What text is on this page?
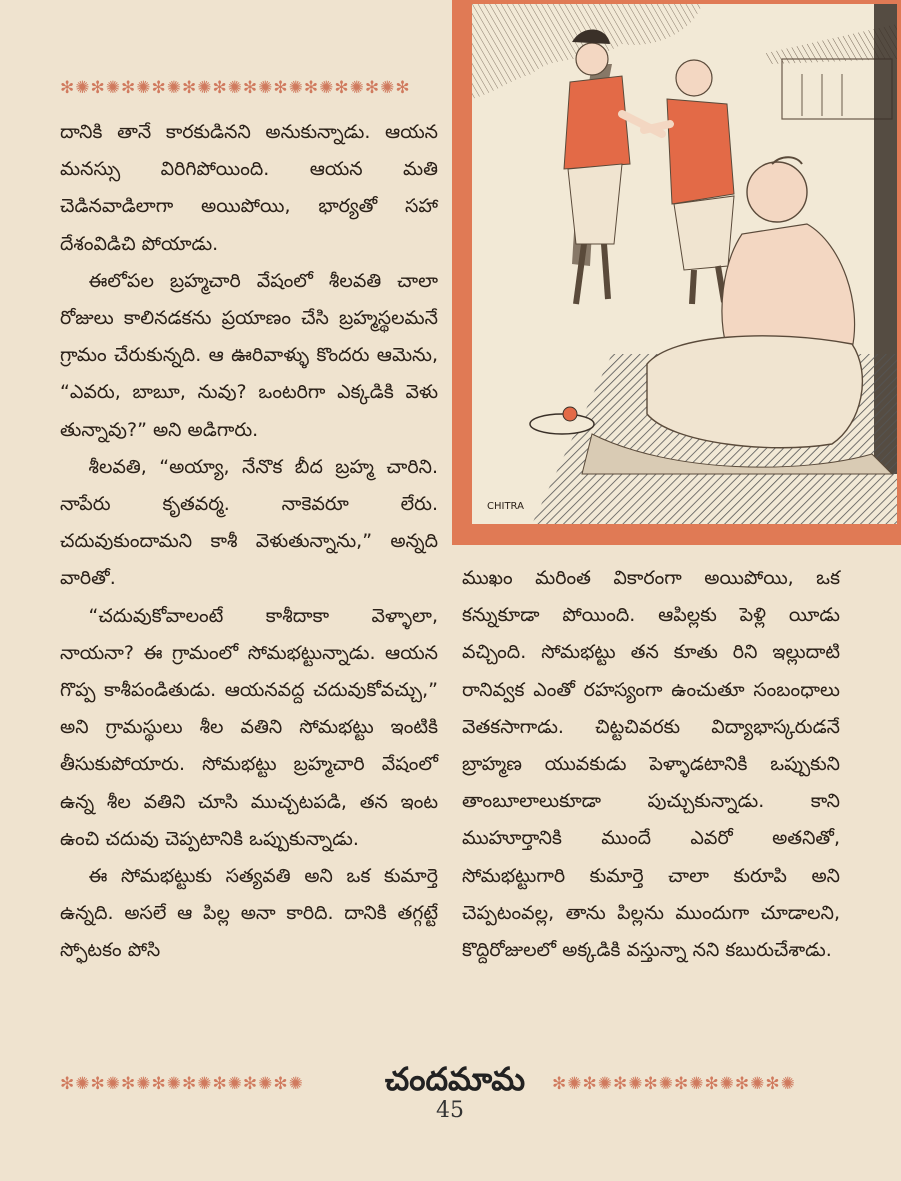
✻✺✻✺✻✺✻✺✻✺✻✺✻✺✻✺✻✺✻✺✻✺✻

దానికి తానే కారకుడినని అనుకున్నాడు. ఆయన మనస్సు విరిగిపోయింది. ఆయన మతి చెడినవాడిలాగా అయిపోయి, భార్యతో సహా దేశంవిడిచి పోయాడు.

ఈలోపల బ్రహ్మచారి వేషంలో శీలవతి చాలా రోజులు కాలినడకను ప్రయాణం చేసి బ్రహ్మస్థలమనే గ్రామం చేరుకున్నది. ఆ ఊరివాళ్ళు కొందరు ఆమెను, “ఎవరు, బాబూ, నువు? ఒంటరిగా ఎక్కడికి వెళు తున్నావు?” అని అడిగారు.

శీలవతి, “అయ్యా, నేనొక బీద బ్రహ్మ చారిని. నాపేరు కృతవర్మ. నాకెవరూ లేరు. చదువుకుందామని కాశీ వెళుతున్నాను,” అన్నది వారితో.

“చదువుకోవాలంటే కాశీదాకా వెళ్ళాలా, నాయనా? ఈ గ్రామంలో సోమభట్టున్నాడు. ఆయన గొప్ప కాశీపండితుడు. ఆయనవద్ద చదువుకోవచ్చు,” అని గ్రామస్థులు శీల వతిని సోమభట్టు ఇంటికి తీసుకుపోయారు. సోమభట్టు బ్రహ్మచారి వేషంలో ఉన్న శీల వతిని చూసి ముచ్చటపడి, తన ఇంట ఉంచి చదువు చెప్పటానికి ఒప్పుకున్నాడు.

ఈ సోమభట్టుకు సత్యవతి అని ఒక కుమార్తె ఉన్నది. అసలే ఆ పిల్ల అనా కారిది. దానికి తగ్గట్టే స్ఫోటకం పోసి

CHITRA

ముఖం మరింత వికారంగా అయిపోయి, ఒక కన్నుకూడా పోయింది. ఆపిల్లకు పెళ్లి యీడు వచ్చింది. సోమభట్టు తన కూతు రిని ఇల్లుదాటి రానివ్వక ఎంతో రహస్యంగా ఉంచుతూ సంబంధాలు వెతకసాగాడు. చిట్టచివరకు విద్యాభాస్కరుడనే బ్రాహ్మణ యువకుడు పెళ్ళాడటానికి ఒప్పుకుని తాంబూలాలుకూడా పుచ్చుకున్నాడు. కాని ముహూర్తానికి ముందే ఎవరో అతనితో, సోమభట్టుగారి కుమార్తె చాలా కురూపి అని చెప్పటంవల్ల, తాను పిల్లను ముందుగా చూడాలని, కొద్దిరోజులలో అక్కడికి వస్తున్నా నని కబురుచేశాడు.

✻✺✻✺✻✺✻✺✻✺✻✺✻✺✻✺	✻✺✻✺✻✺✻✺✻✺✻✺✻✺✻✺
చందమామ
45
